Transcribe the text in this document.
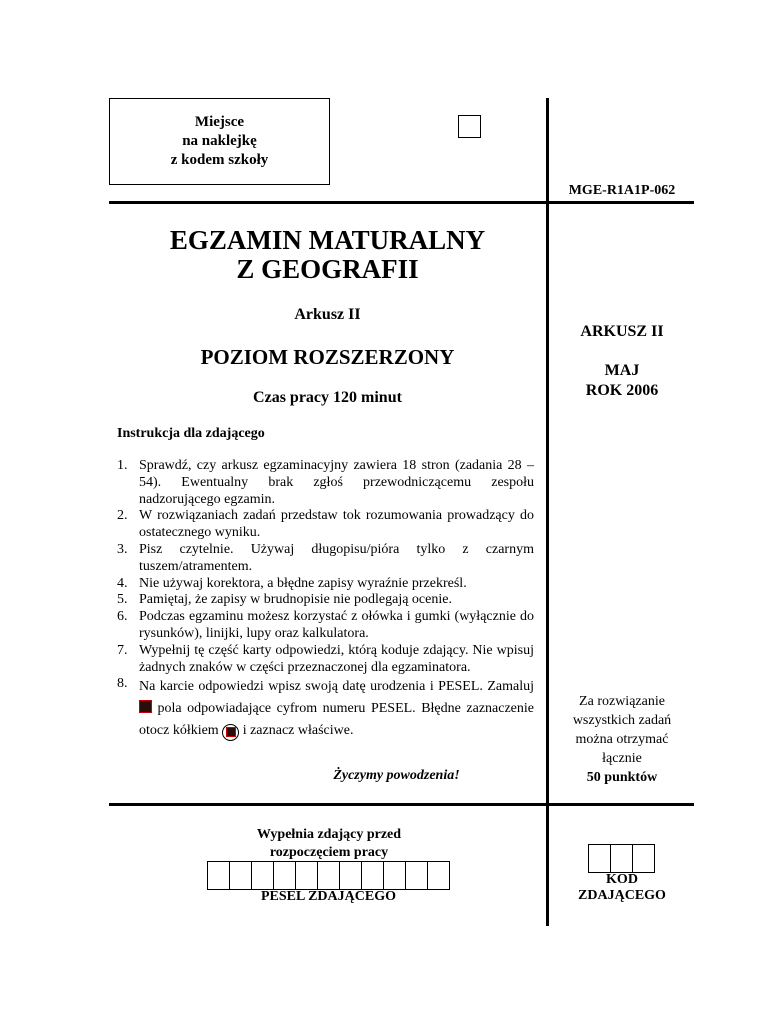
Miejsce
na naklejkę
z kodem szkoły
MGE-R1A1P-062
EGZAMIN MATURALNY
Z GEOGRAFII
Arkusz II
POZIOM ROZSZERZONY
Czas pracy 120 minut
Instrukcja dla zdającego
1. Sprawdź, czy arkusz egzaminacyjny zawiera 18 stron (zadania 28 – 54). Ewentualny brak zgłoś przewodniczącemu zespołu nadzorującego egzamin.
2. W rozwiązaniach zadań przedstaw tok rozumowania prowadzący do ostatecznego wyniku.
3. Pisz czytelnie. Używaj długopisu/pióra tylko z czarnym tuszem/atramentem.
4. Nie używaj korektora, a błędne zapisy wyraźnie przekreśl.
5. Pamiętaj, że zapisy w brudnopisie nie podlegają ocenie.
6. Podczas egzaminu możesz korzystać z ołówka i gumki (wyłącznie do rysunków), linijki, lupy oraz kalkulatora.
7. Wypełnij tę część karty odpowiedzi, którą koduje zdający. Nie wpisuj żadnych znaków w części przeznaczonej dla egzaminatora.
8. Na karcie odpowiedzi wpisz swoją datę urodzenia i PESEL. Zamaluj  pola odpowiadające cyfrom numeru PESEL. Błędne zaznaczenie otocz kółkiem i zaznacz właściwe.
Życzymy powodzenia!
ARKUSZ II
MAJ
ROK 2006
Za rozwiązanie
wszystkich zadań
można otrzymać
łącznie
50 punktów
Wypełnia zdający przed
rozpoczęciem pracy
PESEL ZDAJĄCEGO
KOD
ZDAJĄCEGO
